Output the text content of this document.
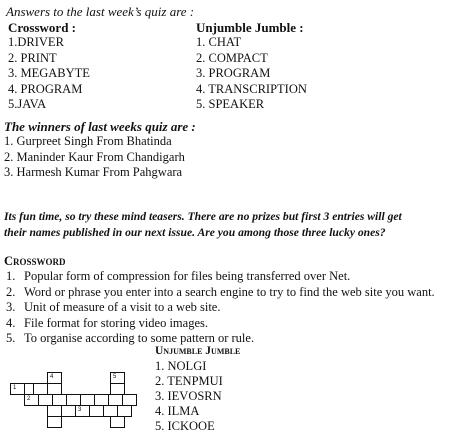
Answers to the last week’s quiz are :
Crossword :
1.DRIVER
2. PRINT
3. MEGABYTE
4. PROGRAM
5.JAVA
Unjumble Jumble :
1. CHAT
2. COMPACT
3. PROGRAM
4. TRANSCRIPTION
5. SPEAKER
The winners of last weeks quiz are :
1. Gurpreet Singh From Bhatinda
2. Maninder Kaur From Chandigarh
3. Harmesh Kumar From Pahgwara
Its fun time, so try these mind teasers. There are no prizes but first 3 entries will get
their names published in our next issue. Are you among those three lucky ones?
Crossword
1. Popular form of compression for files being transferred over Net.
2. Word or phrase you enter into a search engine to try to find the web site you want.
3. Unit of measure of a visit to a web site.
4. File format for storing video images.
5. To organise according to some pattern or rule.
Unjumble Jumble
1. NOLGI
2. TENPMUI
3. IEVOSRN
4. ILMA
5. ICKOOE
4	5
1
2
3
